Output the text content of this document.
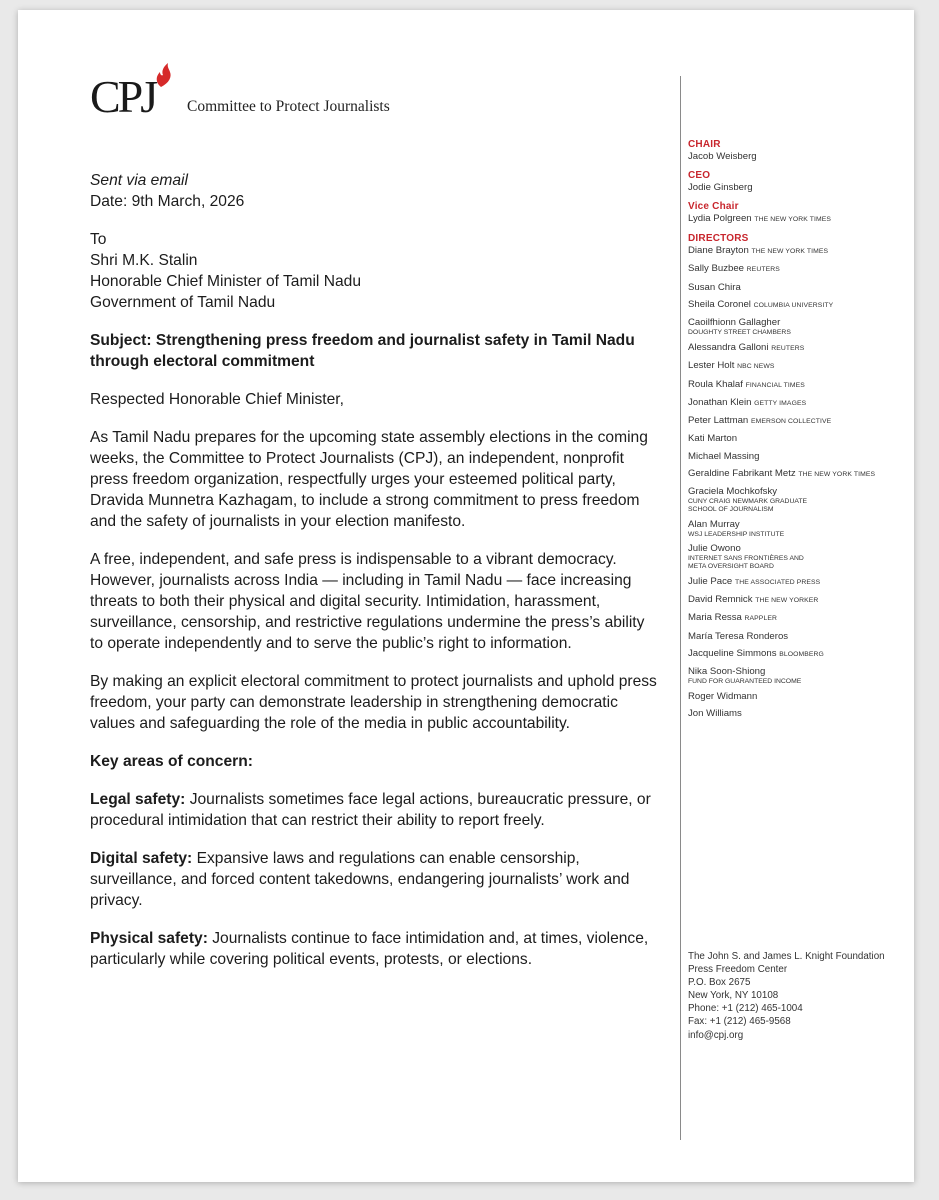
CPJ Committee to Protect Journalists

Sent via email

Date: 9th March, 2026

To

Shri M.K. Stalin

Honorable Chief Minister of Tamil Nadu

Government of Tamil Nadu

Subject: Strengthening press freedom and journalist safety in Tamil Nadu through electoral commitment

Respected Honorable Chief Minister,

As Tamil Nadu prepares for the upcoming state assembly elections in the coming weeks, the Committee to Protect Journalists (CPJ), an independent, nonprofit press freedom organization, respectfully urges your esteemed political party, Dravida Munnetra Kazhagam, to include a strong commitment to press freedom and the safety of journalists in your election manifesto.

A free, independent, and safe press is indispensable to a vibrant democracy. However, journalists across India — including in Tamil Nadu — face increasing threats to both their physical and digital security. Intimidation, harassment, surveillance, censorship, and restrictive regulations undermine the press’s ability to operate independently and to serve the public’s right to information.

By making an explicit electoral commitment to protect journalists and uphold press freedom, your party can demonstrate leadership in strengthening democratic values and safeguarding the role of the media in public accountability.

Key areas of concern:

Legal safety: Journalists sometimes face legal actions, bureaucratic pressure, or procedural intimidation that can restrict their ability to report freely.

Digital safety: Expansive laws and regulations can enable censorship, surveillance, and forced content takedowns, endangering journalists’ work and privacy.

Physical safety: Journalists continue to face intimidation and, at times, violence, particularly while covering political events, protests, or elections.

CHAIR
Jacob Weisberg
CEO
Jodie Ginsberg
Vice Chair
Lydia Polgreen THE NEW YORK TIMES
DIRECTORS
Diane Brayton THE NEW YORK TIMES
Sally Buzbee REUTERS
Susan Chira
Sheila Coronel COLUMBIA UNIVERSITY
Caoilfhionn Gallagher
DOUGHTY STREET CHAMBERS
Alessandra Galloni REUTERS
Lester Holt NBC NEWS
Roula Khalaf FINANCIAL TIMES
Jonathan Klein GETTY IMAGES
Peter Lattman EMERSON COLLECTIVE
Kati Marton
Michael Massing
Geraldine Fabrikant Metz THE NEW YORK TIMES
Graciela Mochkofsky
CUNY CRAIG NEWMARK GRADUATE
SCHOOL OF JOURNALISM
Alan Murray
WSJ LEADERSHIP INSTITUTE
Julie Owono
INTERNET SANS FRONTIÈRES AND
META OVERSIGHT BOARD
Julie Pace THE ASSOCIATED PRESS
David Remnick THE NEW YORKER
Maria Ressa RAPPLER
María Teresa Ronderos
Jacqueline Simmons BLOOMBERG
Nika Soon-Shiong
FUND FOR GUARANTEED INCOME
Roger Widmann
Jon Williams
The John S. and James L. Knight Foundation
Press Freedom Center
P.O. Box 2675
New York, NY 10108
Phone: +1 (212) 465-1004
Fax: +1 (212) 465-9568
info@cpj.org
